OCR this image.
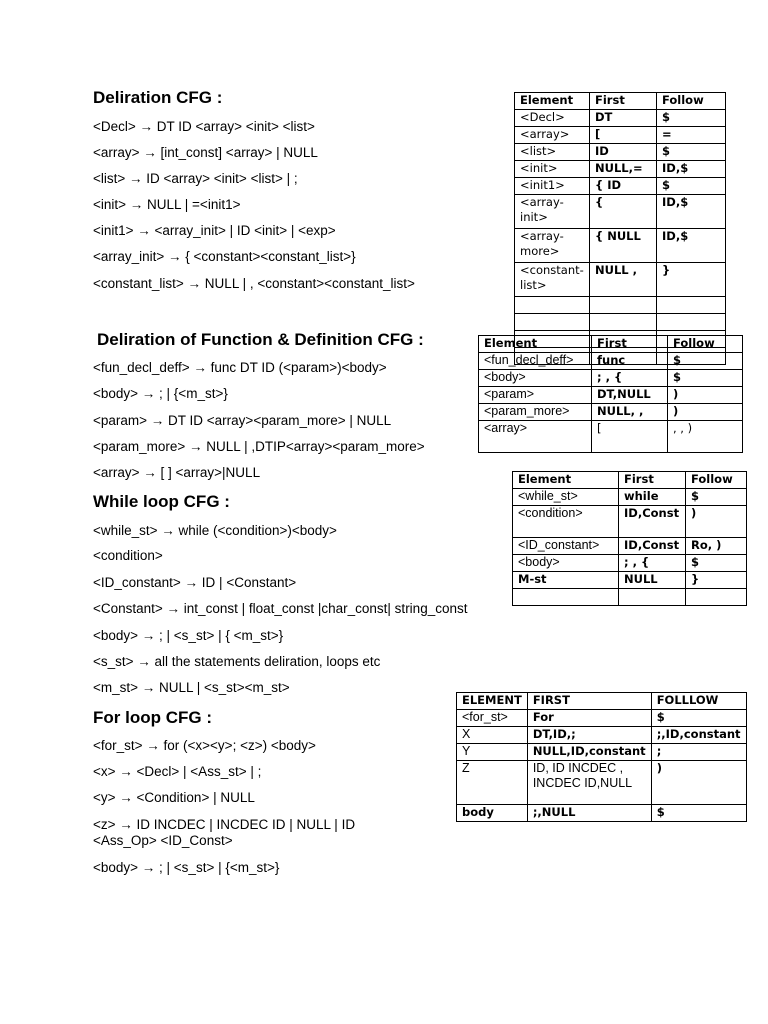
Deliration CFG :
<Decl> → DT ID <array> <init> <list>
<array> → [int_const] <array> | NULL
<list> → ID <array> <init> <list> | ;
<init> → NULL | =<init1>
<init1> → <array_init> | ID <init> | <exp>
<array_init> → { <constant><constant_list>}
<constant_list> → NULL | , <constant><constant_list>
Deliration of Function & Definition CFG :
<fun_decl_deff> → func DT ID (<param>)<body>
<body> → ; | {<m_st>}
<param> → DT ID <array><param_more> | NULL
<param_more> → NULL | ,DTIP<array><param_more>
<array> → [ ] <array>|NULL
While loop CFG :
<while_st> → while (<condition>)<body>
<condition>
<ID_constant> → ID | <Constant>
<Constant> → int_const | float_const |char_const| string_const
<body> → ; | <s_st> | { <m_st>}
<s_st> → all the statements deliration, loops etc
<m_st> → NULL | <s_st><m_st>
For loop CFG :
<for_st> → for (<x><y>; <z>) <body>
<x> → <Decl> | <Ass_st> | ;
<y> → <Condition> | NULL
<z> → ID INCDEC | INCDEC ID | NULL | ID <Ass_Op> <ID_Const>
<body> → ; | <s_st> | {<m_st>}
Element	First	Follow
<Decl>	DT	$
<array>	[	=
<list>	ID	$
<init>	NULL,=	ID,$
<init1>	{ ID	$
<array-init>	{	ID,$
<array-more>	{ NULL	ID,$
<constant-list>	NULL ,	}

Element	First	Follow
<fun_decl_deff>	func	$
<body>	; , {	$
<param>	DT,NULL	)
<param_more>	NULL, ,	)
<array>	[	, , )
Element	First	Follow
<while_st>	while	$
<condition>	ID,Const	)
<ID_constant>	ID,Const	Ro, )
<body>	; , {	$
M-st	NULL	}

ELEMENT	FIRST	FOLLLOW
<for_st>	For	$
X	DT,ID,;	;,ID,constant
Y	NULL,ID,constant	;
Z	ID, ID INCDEC , INCDEC ID,NULL	)
body	;,NULL	$
